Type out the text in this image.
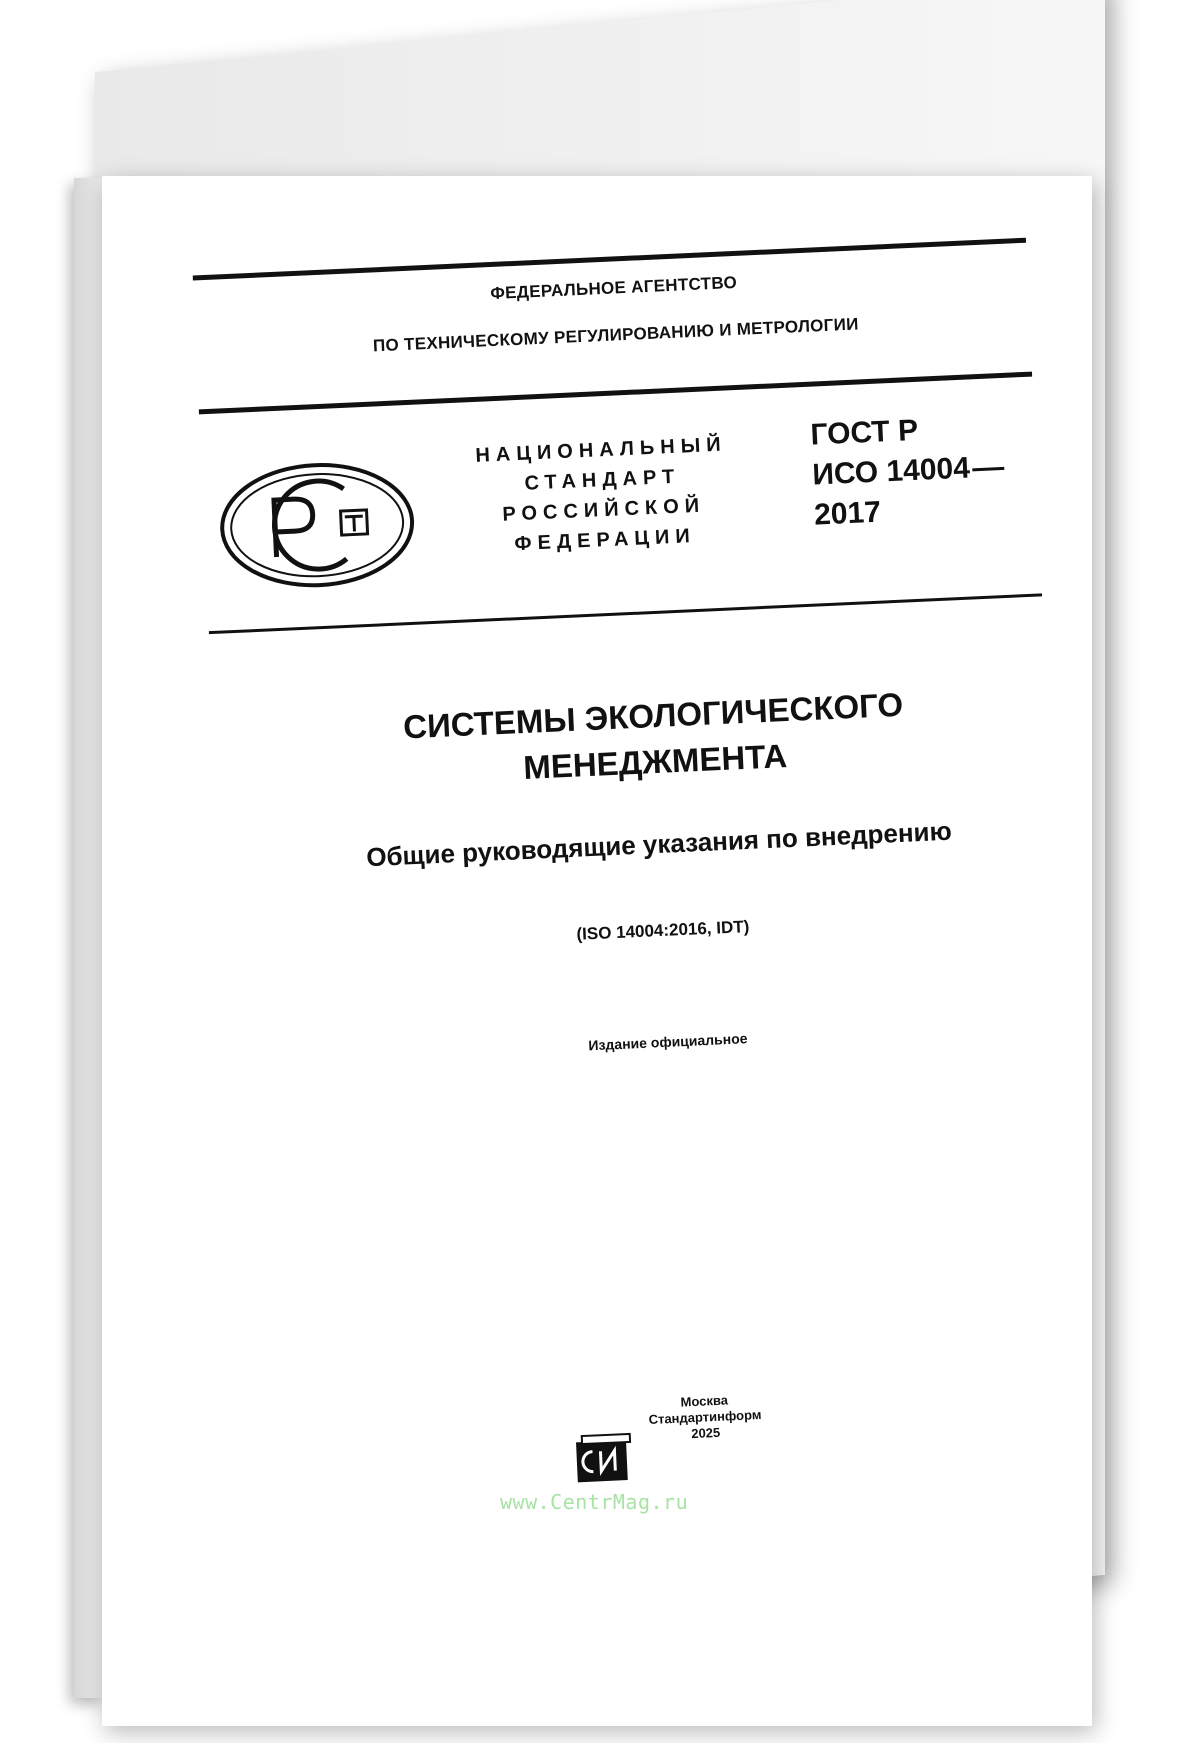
ФЕДЕРАЛЬНОЕ АГЕНТСТВО
ПО ТЕХНИЧЕСКОМУ РЕГУЛИРОВАНИЮ И МЕТРОЛОГИИ
НАЦИОНАЛЬНЫЙ
СТАНДАРТ
РОССИЙСКОЙ
ФЕДЕРАЦИИ
ГОСТ Р
ИСО 14004
2017
СИСТЕМЫ ЭКОЛОГИЧЕСКОГО
МЕНЕДЖМЕНТА
Общие руководящие указания по внедрению
(ISO 14004:2016, IDT)
Издание официальное
Москва
Стандартинформ
2025
www.CentrMag.ru
